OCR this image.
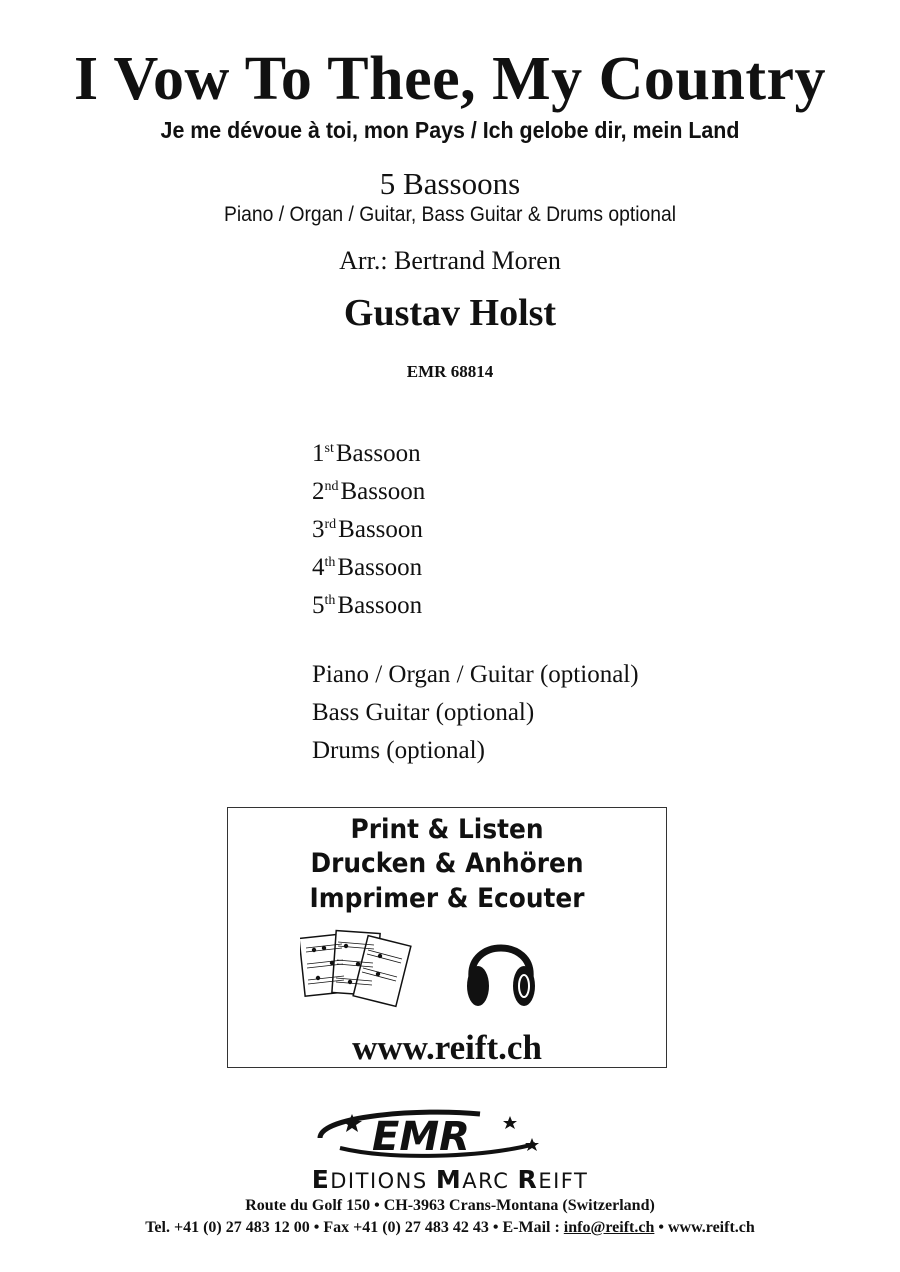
I Vow To Thee, My Country
Je me dévoue à toi, mon Pays / Ich gelobe dir, mein Land
5 Bassoons
Piano / Organ / Guitar, Bass Guitar & Drums optional
Arr.: Bertrand Moren
Gustav Holst
EMR 68814
1stBassoon
2ndBassoon
3rdBassoon
4thBassoon
5thBassoon
Piano / Organ / Guitar (optional)
Bass Guitar (optional)
Drums (optional)
Print & Listen
Drucken & Anhören
Imprimer & Ecouter
www.reift.ch
EMR
EDITIONS MARC REIFT
Route du Golf 150 • CH-3963 Crans-Montana (Switzerland)
Tel. +41 (0) 27 483 12 00 • Fax +41 (0) 27 483 42 43 • E-Mail : info@reift.ch • www.reift.ch
